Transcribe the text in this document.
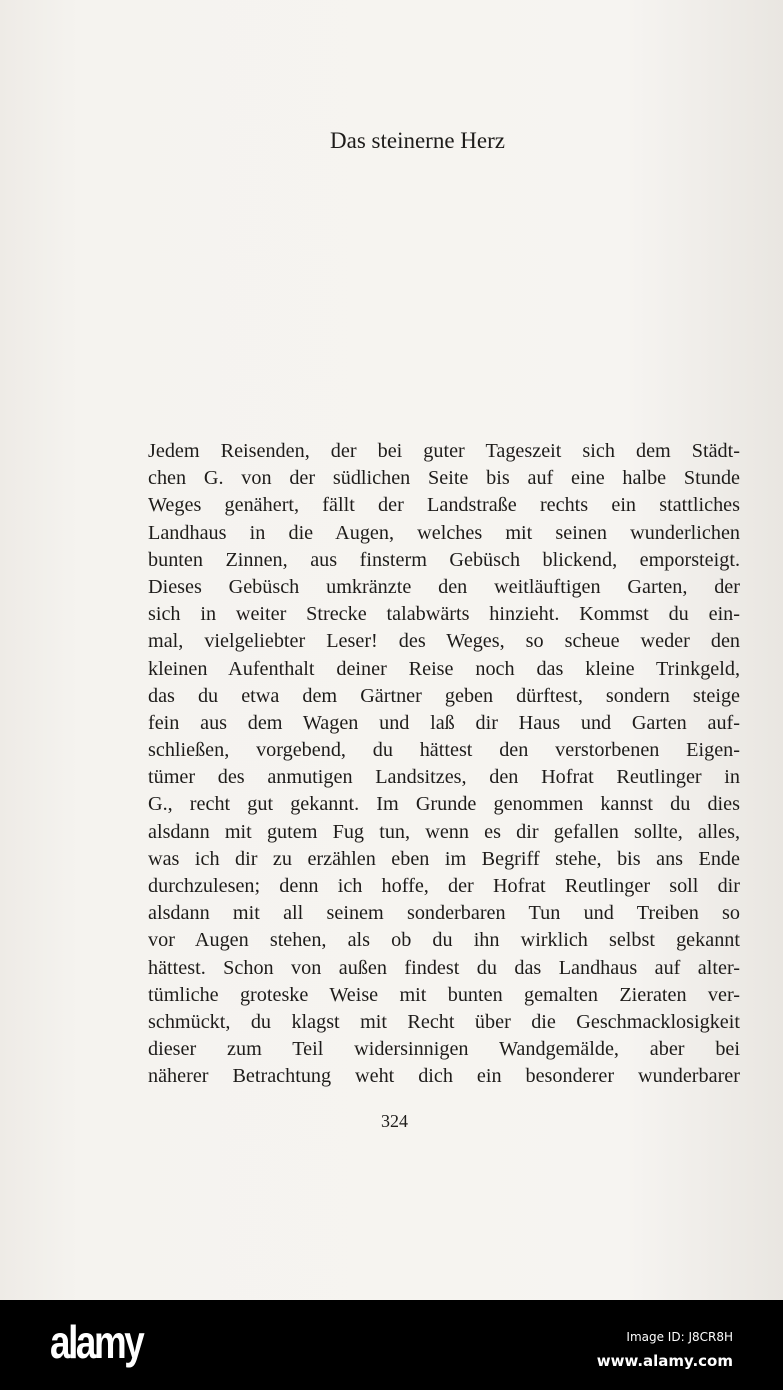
Das steinerne Herz
Jedem Reisenden, der bei guter Tageszeit sich dem Städt-
chen G. von der südlichen Seite bis auf eine halbe Stunde
Weges genähert, fällt der Landstraße rechts ein stattliches
Landhaus in die Augen, welches mit seinen wunderlichen
bunten Zinnen, aus finsterm Gebüsch blickend, emporsteigt.
Dieses Gebüsch umkränzte den weitläuftigen Garten, der
sich in weiter Strecke talabwärts hinzieht. Kommst du ein-
mal, vielgeliebter Leser! des Weges, so scheue weder den
kleinen Aufenthalt deiner Reise noch das kleine Trinkgeld,
das du etwa dem Gärtner geben dürftest, sondern steige
fein aus dem Wagen und laß dir Haus und Garten auf-
schließen, vorgebend, du hättest den verstorbenen Eigen-
tümer des anmutigen Landsitzes, den Hofrat Reutlinger in
G., recht gut gekannt. Im Grunde genommen kannst du dies
alsdann mit gutem Fug tun, wenn es dir gefallen sollte, alles,
was ich dir zu erzählen eben im Begriff stehe, bis ans Ende
durchzulesen; denn ich hoffe, der Hofrat Reutlinger soll dir
alsdann mit all seinem sonderbaren Tun und Treiben so
vor Augen stehen, als ob du ihn wirklich selbst gekannt
hättest. Schon von außen findest du das Landhaus auf alter-
tümliche groteske Weise mit bunten gemalten Zieraten ver-
schmückt, du klagst mit Recht über die Geschmacklosigkeit
dieser zum Teil widersinnigen Wandgemälde, aber bei
näherer Betrachtung weht dich ein besonderer wunderbarer
324
alamy	Image ID: J8CR8H
www.alamy.com
